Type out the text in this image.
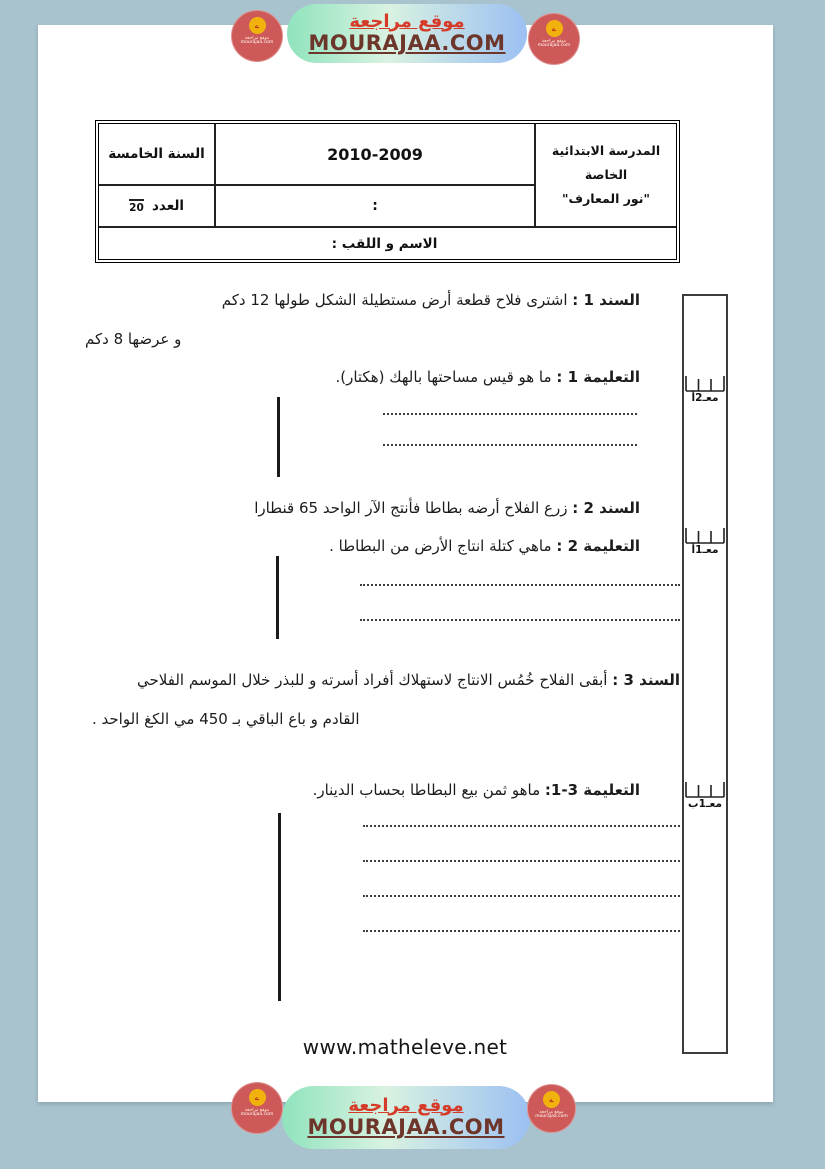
موقع مراجعة
MOURAJAA.COM
ے
موقع مراجعة
mourajaa.com
ے
موقع مراجعة
mourajaa.com
المدرسة الابتدائية الخاصة
"نور المعارف"
2010-2009
السنة الخامسة
:
العدد
20
الاسم و اللقب :
معـ2أ
معـ1أ
معـ1ب
السند 1 : اشترى فلاح قطعة أرض مستطيلة الشكل طولها 12 دكم
و عرضها 8 دكم
التعليمة 1 : ما هو قيس مساحتها بالهك (هكتار).
السند 2 : زرع الفلاح أرضه بطاطا فأنتج الآر الواحد 65 قنطارا
التعليمة 2 : ماهي كتلة انتاج الأرض من البطاطا .
السند 3 : أبقى الفلاح خُمُس الانتاج لاستهلاك أفراد أسرته و للبذر خلال الموسم الفلاحي
القادم و باع الباقي بـ 450 مي الكغ الواحد .
التعليمة 3-1: ماهو ثمن بيع البطاطا بحساب الدينار.
www.matheleve.net
موقع مراجعة
MOURAJAA.COM
ے
موقع مراجعة
mourajaa.com
ے
موقع مراجعة
mourajaa.com
